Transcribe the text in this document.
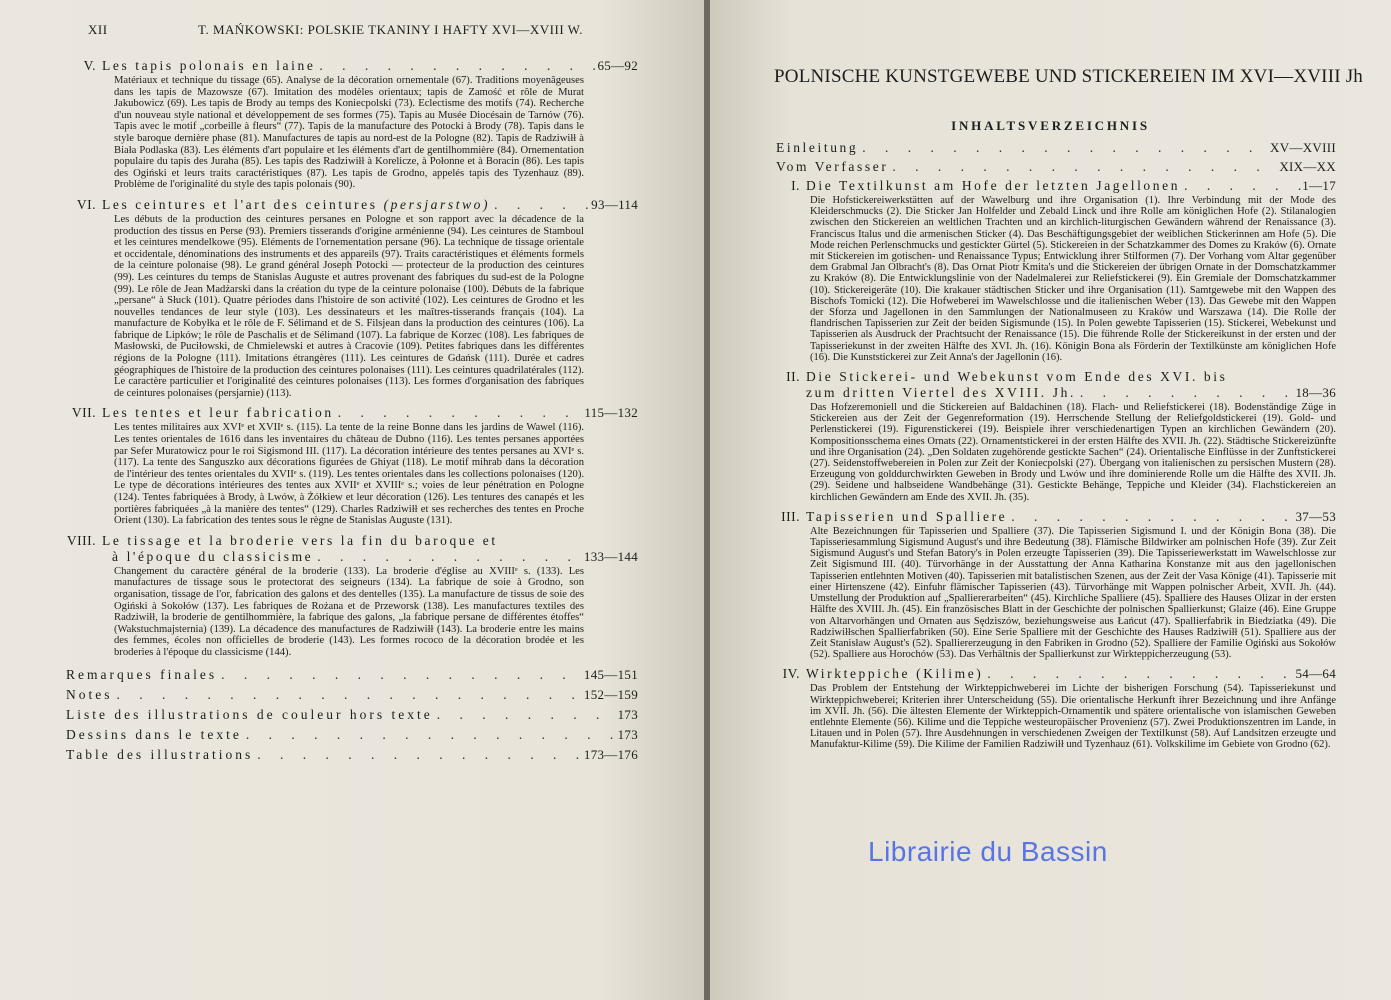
XII	T. MAŃKOWSKI: POLSKIE TKANINY I HAFTY XVI—XVIII W.
V. Les tapis polonais en laine . . .	65—92

Matériaux et technique du tissage (65). Analyse de la décoration ornementale (67). Traditions moyenâgeuses dans les tapis de Mazowsze (67). Imitation des modèles orientaux; tapis de Zamość et rôle de Murat Jakubowicz (69). Les tapis de Brody au temps des Koniecpolski (73). Eclectisme des motifs (74). Recherche d'un nouveau style national et développement de ses formes (75). Tapis au Musée Diocésain de Tarnów (76). Tapis avec le motif „corbeille à fleurs“ (77). Tapis de la manufacture des Potocki à Brody (78). Tapis dans le style baroque dernière phase (81). Manufactures de tapis au nord-est de la Pologne (82). Tapis de Radziwiłł à Biała Podlaska (83). Les éléments d'art populaire et les éléments d'art de gentilhommière (84). Ornementation populaire du tapis des Juraha (85). Les tapis des Radziwiłł à Korelicze, à Połonne et à Boracin (86). Les tapis des Ogiński et leurs traits caractéristiques (87). Les tapis de Grodno, appelés tapis des Tyzenhauz (89). Problème de l'originalité du style des tapis polonais (90).

VI. Les ceintures et l'art des ceintures (persjarstwo) . . .	93—114

Les débuts de la production des ceintures persanes en Pologne et son rapport avec la décadence de la production des tissus en Perse (93). Premiers tisserands d'origine arménienne (94). Les ceintures de Stamboul et les ceintures mendelkowe (95). Eléments de l'ornementation persane (96). La technique de tissage orientale et occidentale, dénominations des instruments et des appareils (97). Traits caractéristiques et éléments formels de la ceinture polonaise (98). Le grand général Joseph Potocki — protecteur de la production des ceintures (99). Les ceintures du temps de Stanislas Auguste et autres provenant des fabriques du sud-est de la Pologne (99). Le rôle de Jean Madżarski dans la création du type de la ceinture polonaise (100). Débuts de la fabrique „persane“ à Słuck (101). Quatre périodes dans l'histoire de son activité (102). Les ceintures de Grodno et les nouvelles tendances de leur style (103). Les dessinateurs et les maîtres-tisserands français (104). La manufacture de Kobyłka et le rôle de F. Sélimand et de S. Filsjean dans la production des ceintures (106). La fabrique de Lipków; le rôle de Paschalis et de Sélimand (107). La fabrique de Korzec (108). Les fabriques de Masłowski, de Puciłowski, de Chmielewski et autres à Cracovie (109). Petites fabriques dans les différentes régions de la Pologne (111). Imitations étrangères (111). Les ceintures de Gdańsk (111). Durée et cadres géographiques de l'histoire de la production des ceintures polonaises (111). Les ceintures quadrilatérales (112). Le caractère particulier et l'originalité des ceintures polonaises (113). Les formes d'organisation des fabriques de ceintures polonaises (persjarnie) (113).

VII. Les tentes et leur fabrication . . .	115—132

Les tentes militaires aux XVIᵉ et XVIIᵉ s. (115). La tente de la reine Bonne dans les jardins de Wawel (116). Les tentes orientales de 1616 dans les inventaires du château de Dubno (116). Les tentes persanes apportées par Sefer Muratowicz pour le roi Sigismond III. (117). La décoration intérieure des tentes persanes au XVIᵉ s. (117). La tente des Sanguszko aux décorations figurées de Ghiyat (118). Le motif mihrab dans la décoration de l'intérieur des tentes orientales du XVIIᵉ s. (119). Les tentes orientales dans les collections polonaises (120). Le type de décorations intérieures des tentes aux XVIIᵉ et XVIIIᵉ s.; voies de leur pénétration en Pologne (124). Tentes fabriquées à Brody, à Lwów, à Żółkiew et leur décoration (126). Les tentures des canapés et les portières fabriquées „à la manière des tentes“ (129). Charles Radziwiłł et ses recherches des tentes en Proche Orient (130). La fabrication des tentes sous le règne de Stanislas Auguste (131).

VIII. Le tissage et la broderie vers la fin du baroque et
à l'époque du classicisme . . .	133—144

Changement du caractère général de la broderie (133). La broderie d'église au XVIIIᵉ s. (133). Les manufactures de tissage sous le protectorat des seigneurs (134). La fabrique de soie à Grodno, son organisation, tissage de l'or, fabrication des galons et des dentelles (135). La manufacture de tissus de soie des Ogiński à Sokołów (137). Les fabriques de Rożana et de Przeworsk (138). Les manufactures textiles des Radziwiłł, la broderie de gentilhommière, la fabrique des galons, „la fabrique persane de différentes étoffes“ (Wakstuchmajsternia) (139). La décadence des manufactures de Radziwiłł (143). La broderie entre les mains des femmes, écoles non officielles de broderie (143). Les formes rococo de la décoration brodée et les broderies à l'époque du classicisme (144).

Remarques finales . . .	145—151
Notes . . .	152—159
Liste des illustrations de couleur hors texte . . .	173
Dessins dans le texte . . .	173
Table des illustrations . . .	173—176
POLNISCHE KUNSTGEWEBE UND STICKEREIEN IM XVI—XVIII Jh
INHALTSVERZEICHNIS
Einleitung . . .	XV—XVIII
Vom Verfasser . . .	XIX—XX
I. Die Textilkunst am Hofe der letzten Jagellonen . . .	1—17

Die Hofstickereiwerkstätten auf der Wawelburg und ihre Organisation (1). Ihre Verbindung mit der Mode des Kleiderschmucks (2). Die Sticker Jan Holfelder und Zebald Linck und ihre Rolle am königlichen Hofe (2). Stilanalogien zwischen den Stickereien an weltlichen Trachten und an kirchlich-liturgischen Gewändern während der Renaissance (3). Franciscus Italus und die armenischen Sticker (4). Das Beschäftigungsgebiet der weiblichen Stickerinnen am Hofe (5). Die Mode reichen Perlenschmucks und gestickter Gürtel (5). Stickereien in der Schatzkammer des Domes zu Kraków (6). Ornate mit Stickereien im gotischen- und Renaissance Typus; Entwicklung ihrer Stilformen (7). Der Vorhang vom Altar gegenüber dem Grabmal Jan Olbracht's (8). Das Ornat Piotr Kmita's und die Stickereien der übrigen Ornate in der Domschatzkammer zu Kraków (8). Die Entwicklungslinie von der Nadelmalerei zur Reliefstickerei (9). Ein Gremiale der Domschatzkammer (10). Stickereigeräte (10). Die krakauer städtischen Sticker und ihre Organisation (11). Samtgewebe mit den Wappen des Bischofs Tomicki (12). Die Hofweberei im Wawelschlosse und die italienischen Weber (13). Das Gewebe mit den Wappen der Sforza und Jagellonen in den Sammlungen der Nationalmuseen zu Kraków und Warszawa (14). Die Rolle der flandrischen Tapisserien zur Zeit der beiden Sigismunde (15). In Polen gewebte Tapisserien (15). Stickerei, Webekunst und Tapisserien als Ausdruck der Prachtsucht der Renaissance (15). Die führende Rolle der Stickereikunst in der ersten und der Tapisseriekunst in der zweiten Hälfte des XVI. Jh. (16). Königin Bona als Förderin der Textilkünste am königlichen Hofe (16). Die Kunststickerei zur Zeit Anna's der Jagellonin (16).

II. Die Stickerei- und Webekunst vom Ende des XVI. bis
zum dritten Viertel des XVIII. Jh. . . .	18—36

Das Hofzeremoniell und die Stickereien auf Baldachinen (18). Flach- und Reliefstickerei (18). Bodenständige Züge in Stickereien aus der Zeit der Gegenreformation (19). Herrschende Stellung der Reliefgoldstickerei (19). Gold- und Perlenstickerei (19). Figurenstickerei (19). Beispiele ihrer verschiedenartigen Typen an kirchlichen Gewändern (20). Kompositionsschema eines Ornats (22). Ornamentstickerei in der ersten Hälfte des XVII. Jh. (22). Städtische Stickereizünfte und ihre Organisation (24). „Den Soldaten zugehörende gestickte Sachen“ (24). Orientalische Einflüsse in der Zunftstickerei (27). Seidenstoffwebereien in Polen zur Zeit der Koniecpolski (27). Übergang von italienischen zu persischen Mustern (28). Erzeugung von golddurchwirkten Geweben in Brody und Lwów und ihre dominierende Rolle um die Hälfte des XVII. Jh. (29). Seidene und halbseidene Wandbehänge (31). Gestickte Behänge, Teppiche und Kleider (34). Flachstickereien an kirchlichen Gewändern am Ende des XVII. Jh. (35).

III. Tapisserien und Spalliere . . .	37—53

Alte Bezeichnungen für Tapisserien und Spalliere (37). Die Tapisserien Sigismund I. und der Königin Bona (38). Die Tapisseriesammlung Sigismund August's und ihre Bedeutung (38). Flämische Bildwirker am polnischen Hofe (39). Zur Zeit Sigismund August's und Stefan Batory's in Polen erzeugte Tapisserien (39). Die Tapisseriewerkstatt im Wawelschlosse zur Zeit Sigismund III. (40). Türvorhänge in der Ausstattung der Anna Katharina Konstanze mit aus den jagellonischen Tapisserien entlehnten Motiven (40). Tapisserien mit batalistischen Szenen, aus der Zeit der Vasa Könige (41). Tapisserie mit einer Hirtenszene (42). Einfuhr flämischer Tapisserien (43). Türvorhänge mit Wappen polnischer Arbeit, XVII. Jh. (44). Umstellung der Produktion auf „Spalliererarbeiten“ (45). Kirchliche Spalliere (45). Spalliere des Hauses Olizar in der ersten Hälfte des XVIII. Jh. (45). Ein französisches Blatt in der Geschichte der polnischen Spallierkunst; Glaize (46). Eine Gruppe von Altarvorhängen und Ornaten aus Sędziszów, beziehungsweise aus Łańcut (47). Spallierfabrik in Biedziatka (49). Die Radziwiłłschen Spallierfabriken (50). Eine Serie Spalliere mit der Geschichte des Hauses Radziwiłł (51). Spalliere aus der Zeit Stanisław August's (52). Spalliererzeugung in den Fabriken in Grodno (52). Spalliere der Familie Ogiński aus Sokołów (52). Spalliere aus Horochów (53). Das Verhältnis der Spallierkunst zur Wirkteppicherzeugung (53).

IV. Wirkteppiche (Kilime) . . .	54—64

Das Problem der Entstehung der Wirkteppichweberei im Lichte der bisherigen Forschung (54). Tapisseriekunst und Wirkteppichweberei; Kriterien ihrer Unterscheidung (55). Die orientalische Herkunft ihrer Bezeichnung und ihre Anfänge im XVII. Jh. (56). Die ältesten Elemente der Wirkteppich-Ornamentik und spätere orientalische von islamischen Geweben entlehnte Elemente (56). Kilime und die Teppiche westeuropäischer Provenienz (57). Zwei Produktionszentren im Lande, in Litauen und in Polen (57). Ihre Ausdehnungen in verschiedenen Zweigen der Textilkunst (58). Auf Landsitzen erzeugte und Manufaktur-Kilime (59). Die Kilime der Familien Radziwiłł und Tyzenhauz (61). Volkskilime im Gebiete von Grodno (62).

Librairie du Bassin
